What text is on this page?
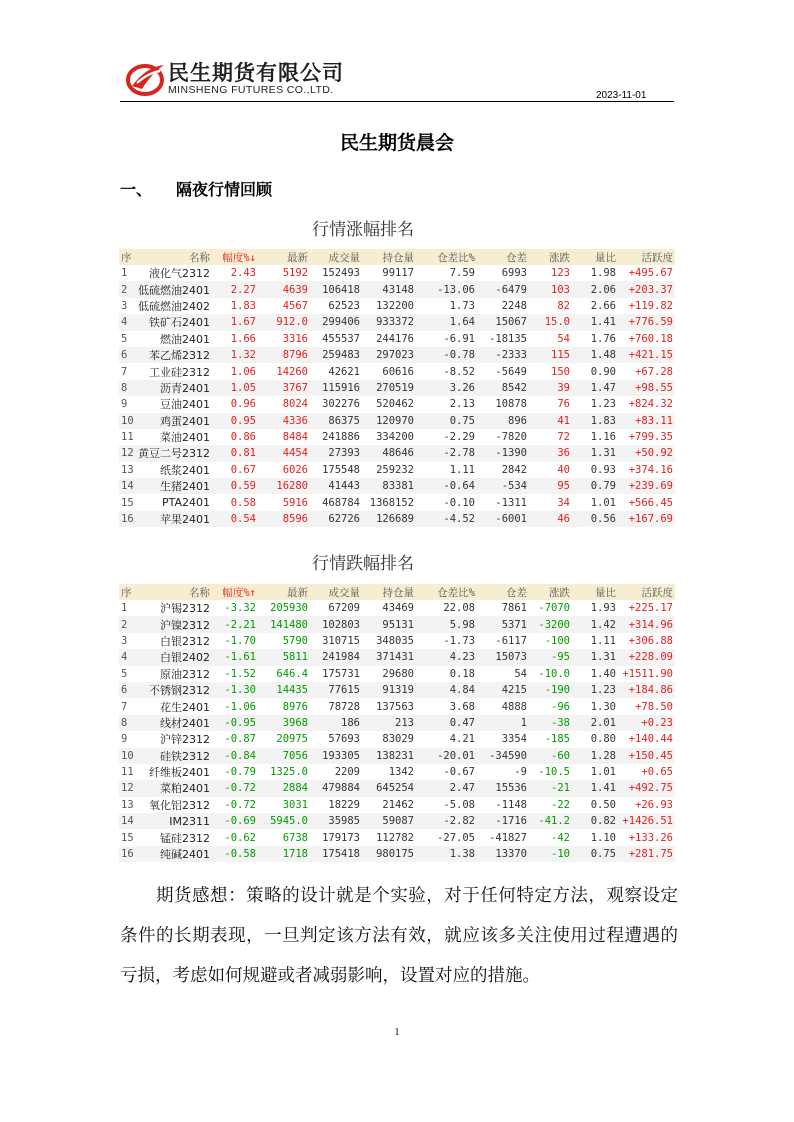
民生期货有限公司
MINSHENG FUTURES CO.,LTD.	2023-11-01
民生期货晨会
一、 隔夜行情回顾
行情涨幅排名
序	名称	幅度%↓	最新	成交量	持仓量	仓差比%	仓差	涨跌	量比	活跃度
1	液化气2312	2.43	5192	152493	99117	7.59	6993	123	1.98	+495.67
2	低硫燃油2401	2.27	4639	106418	43148	-13.06	-6479	103	2.06	+203.37
3	低硫燃油2402	1.83	4567	62523	132200	1.73	2248	82	2.66	+119.82
4	铁矿石2401	1.67	912.0	299406	933372	1.64	15067	15.0	1.41	+776.59
5	燃油2401	1.66	3316	455537	244176	-6.91	-18135	54	1.76	+760.18
6	苯乙烯2312	1.32	8796	259483	297023	-0.78	-2333	115	1.48	+421.15
7	工业硅2312	1.06	14260	42621	60616	-8.52	-5649	150	0.90	+67.28
8	沥青2401	1.05	3767	115916	270519	3.26	8542	39	1.47	+98.55
9	豆油2401	0.96	8024	302276	520462	2.13	10878	76	1.23	+824.32
10	鸡蛋2401	0.95	4336	86375	120970	0.75	896	41	1.83	+83.11
11	菜油2401	0.86	8484	241886	334200	-2.29	-7820	72	1.16	+799.35
12	黄豆二号2312	0.81	4454	27393	48646	-2.78	-1390	36	1.31	+50.92
13	纸浆2401	0.67	6026	175548	259232	1.11	2842	40	0.93	+374.16
14	生猪2401	0.59	16280	41443	83381	-0.64	-534	95	0.79	+239.69
15	PTA2401	0.58	5916	468784	1368152	-0.10	-1311	34	1.01	+566.45
16	苹果2401	0.54	8596	62726	126689	-4.52	-6001	46	0.56	+167.69
行情跌幅排名
序	名称	幅度%↑	最新	成交量	持仓量	仓差比%	仓差	涨跌	量比	活跃度
1	沪锡2312	-3.32	205930	67209	43469	22.08	7861	-7070	1.93	+225.17
2	沪镍2312	-2.21	141480	102803	95131	5.98	5371	-3200	1.42	+314.96
3	白银2312	-1.70	5790	310715	348035	-1.73	-6117	-100	1.11	+306.88
4	白银2402	-1.61	5811	241984	371431	4.23	15073	-95	1.31	+228.09
5	原油2312	-1.52	646.4	175731	29680	0.18	54	-10.0	1.40	+1511.90
6	不锈钢2312	-1.30	14435	77615	91319	4.84	4215	-190	1.23	+184.86
7	花生2401	-1.06	8976	78728	137563	3.68	4888	-96	1.30	+78.50
8	线材2401	-0.95	3968	186	213	0.47	1	-38	2.01	+0.23
9	沪锌2312	-0.87	20975	57693	83029	4.21	3354	-185	0.80	+140.44
10	硅铁2312	-0.84	7056	193305	138231	-20.01	-34590	-60	1.28	+150.45
11	纤维板2401	-0.79	1325.0	2209	1342	-0.67	-9	-10.5	1.01	+0.65
12	菜粕2401	-0.72	2884	479884	645254	2.47	15536	-21	1.41	+492.75
13	氧化铝2312	-0.72	3031	18229	21462	-5.08	-1148	-22	0.50	+26.93
14	IM2311	-0.69	5945.0	35985	59087	-2.82	-1716	-41.2	0.82	+1426.51
15	锰硅2312	-0.62	6738	179173	112782	-27.05	-41827	-42	1.10	+133.26
16	纯碱2401	-0.58	1718	175418	980175	1.38	13370	-10	0.75	+281.75
期货感想：策略的设计就是个实验，对于任何特定方法，观察设定条件的长期表现，一旦判定该方法有效，就应该多关注使用过程遭遇的亏损，考虑如何规避或者减弱影响，设置对应的措施。
1
